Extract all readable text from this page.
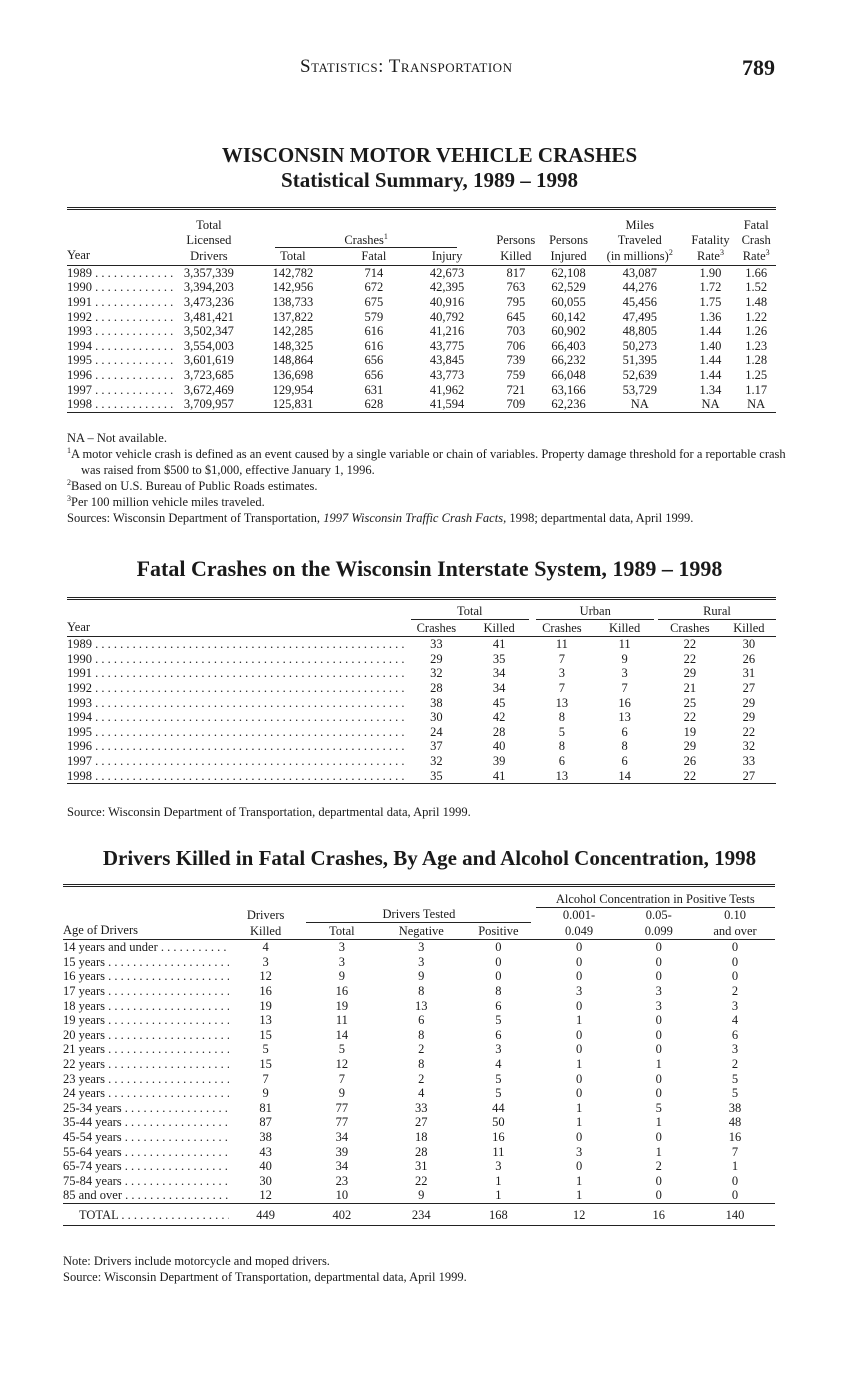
Statistics: Transportation	789
WISCONSIN MOTOR VEHICLE CRASHES
Statistical Summary, 1989 – 1998

	Total						Miles		Fatal
	Licensed	Crashes$^1$			Persons	Persons	Traveled	Fatality	Crash
Year	Drivers	Total	Fatal	Injury	Killed	Injured	(in millions)$^2$	Rate$^3$	Rate$^3$
1989 . . .	3,357,339	142,782	714	42,673	817	62,108	43,087	1.90	1.66
1990 . . .	3,394,203	142,956	672	42,395	763	62,529	44,276	1.72	1.52
1991 . . .	3,473,236	138,733	675	40,916	795	60,055	45,456	1.75	1.48
1992 . . .	3,481,421	137,822	579	40,792	645	60,142	47,495	1.36	1.22
1993 . . .	3,502,347	142,285	616	41,216	703	60,902	48,805	1.44	1.26
1994 . . .	3,554,003	148,325	616	43,775	706	66,403	50,273	1.40	1.23
1995 . . .	3,601,619	148,864	656	43,845	739	66,232	51,395	1.44	1.28
1996 . . .	3,723,685	136,698	656	43,773	759	66,048	52,639	1.44	1.25
1997 . . .	3,672,469	129,954	631	41,962	721	63,166	53,729	1.34	1.17
1998 . . .	3,709,957	125,831	628	41,594	709	62,236	NA	NA	NA

NA – Not available.

$^1$A motor vehicle crash is defined as an event caused by a single variable or chain of variables. Property damage threshold for a reportable crash was raised from $500 to $1,000, effective January 1, 1996.

$^2$Based on U.S. Bureau of Public Roads estimates.

$^3$Per 100 million vehicle miles traveled.

Sources: Wisconsin Department of Transportation, 1997 Wisconsin Traffic Crash Facts, 1998; departmental data, April 1999.

Fatal Crashes on the Wisconsin Interstate System, 1989 – 1998

	Total		Urban		Rural	
Year	Crashes	Killed	Crashes	Killed	Crashes	Killed
1989 . . .	33	41	11	11	22	30
1990 . . .	29	35	7	9	22	26
1991 . . .	32	34	3	3	29	31
1992 . . .	28	34	7	7	21	27
1993 . . .	38	45	13	16	25	29
1994 . . .	30	42	8	13	22	29
1995 . . .	24	28	5	6	19	22
1996 . . .	37	40	8	8	29	32
1997 . . .	32	39	6	6	26	33
1998 . . .	35	41	13	14	22	27
Source: Wisconsin Department of Transportation, departmental data, April 1999.
Drivers Killed in Fatal Crashes, By Age and Alcohol Concentration, 1998

					Alcohol Concentration in Positive Tests		
	Drivers	Drivers Tested			0.001-	0.05-	0.10
Age of Drivers	Killed	Total	Negative	Positive	0.049	0.099	and over
14 years and under . . .	4	3	3	0	0	0	0
15 years . . .	3	3	3	0	0	0	0
16 years . . .	12	9	9	0	0	0	0
17 years . . .	16	16	8	8	3	3	2
18 years . . .	19	19	13	6	0	3	3
19 years . . .	13	11	6	5	1	0	4
20 years . . .	15	14	8	6	0	0	6
21 years . . .	5	5	2	3	0	0	3
22 years . . .	15	12	8	4	1	1	2
23 years . . .	7	7	2	5	0	0	5
24 years . . .	9	9	4	5	0	0	5
25-34 years . . .	81	77	33	44	1	5	38
35-44 years . . .	87	77	27	50	1	1	48
45-54 years . . .	38	34	18	16	0	0	16
55-64 years . . .	43	39	28	11	3	1	7
65-74 years . . .	40	34	31	3	0	2	1
75-84 years . . .	30	23	22	1	1	0	0
85 and over . . .	12	10	9	1	1	0	0
TOTAL . . .	449	402	234	168	12	16	140

Note: Drivers include motorcycle and moped drivers.

Source: Wisconsin Department of Transportation, departmental data, April 1999.
